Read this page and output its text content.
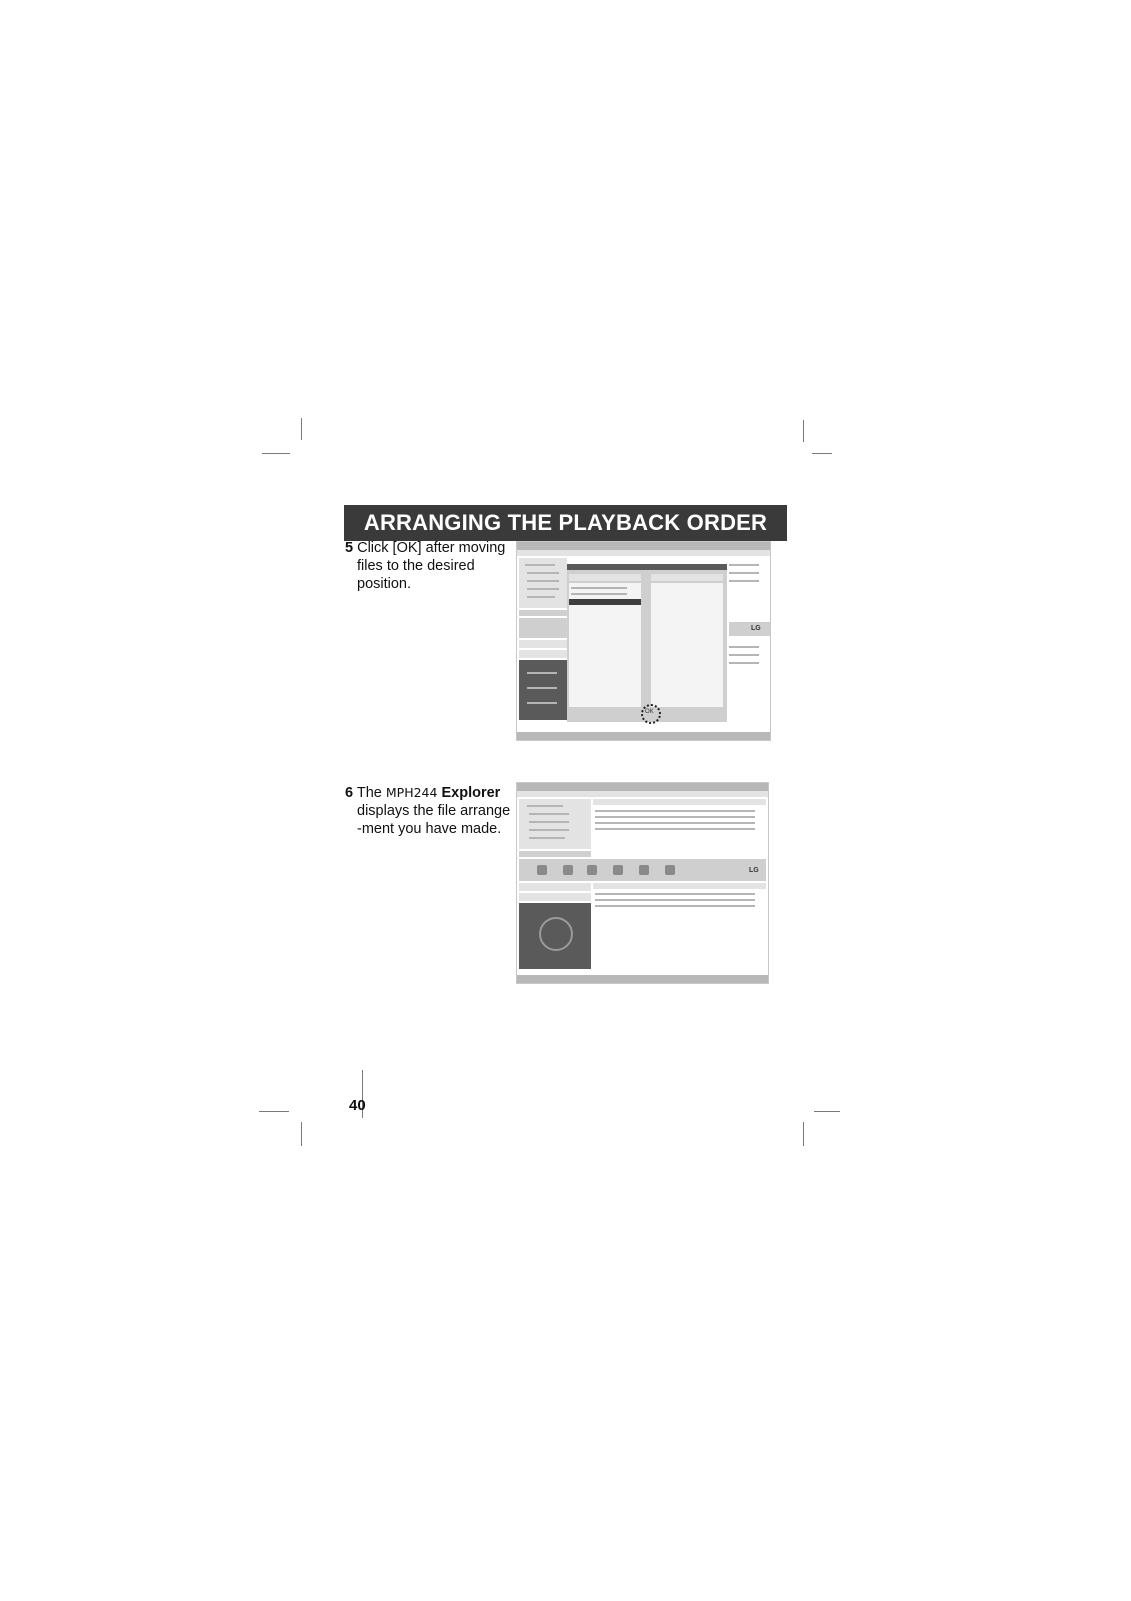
ARRANGING THE PLAYBACK ORDER
5 Click [OK] after moving
files to the desired
position.
OK
LG
6 The MPH244 Explorer
displays the file arrange
-ment you have made.
LG
40
